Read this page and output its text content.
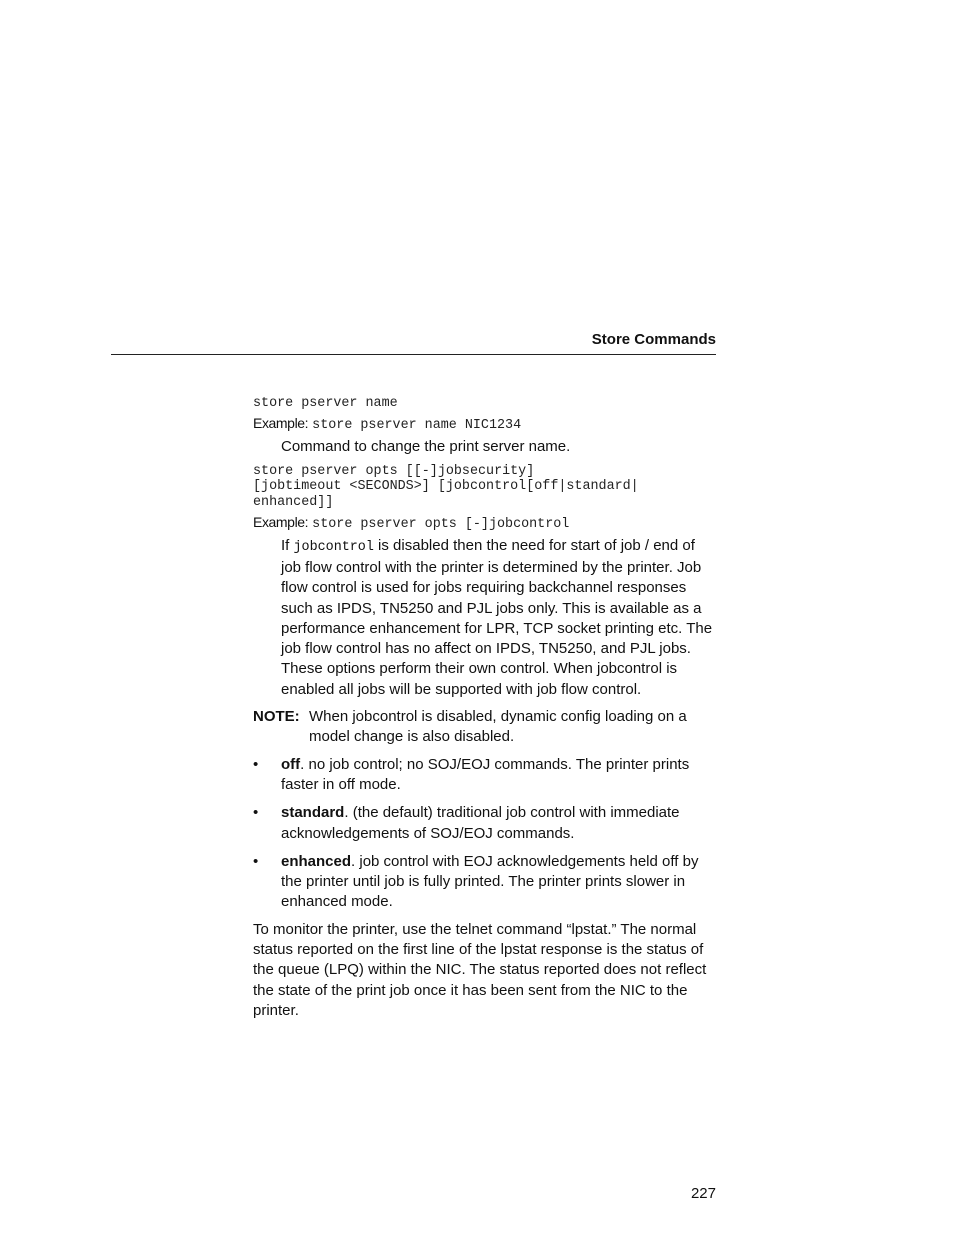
Store Commands
store pserver name
Example: store pserver name NIC1234
Command to change the print server name.
store pserver opts [[-]jobsecurity]
[jobtimeout <SECONDS>] [jobcontrol[off|standard|
enhanced]]
Example: store pserver opts [-]jobcontrol
If jobcontrol is disabled then the need for start of job / end of job flow control with the printer is determined by the printer. Job flow control is used for jobs requiring backchannel responses such as IPDS, TN5250 and PJL jobs only. This is available as a performance enhancement for LPR, TCP socket printing etc. The job flow control has no affect on IPDS, TN5250, and PJL jobs. These options perform their own control. When jobcontrol is enabled all jobs will be supported with job flow control.
NOTE: When jobcontrol is disabled, dynamic config loading on a model change is also disabled.
• off. no job control; no SOJ/EOJ commands. The printer prints faster in off mode.
• standard. (the default) traditional job control with immediate acknowledgements of SOJ/EOJ commands.
• enhanced. job control with EOJ acknowledgements held off by the printer until job is fully printed. The printer prints slower in enhanced mode.
To monitor the printer, use the telnet command “lpstat.” The normal status reported on the first line of the lpstat response is the status of the queue (LPQ) within the NIC. The status reported does not reflect the state of the print job once it has been sent from the NIC to the printer.
227
